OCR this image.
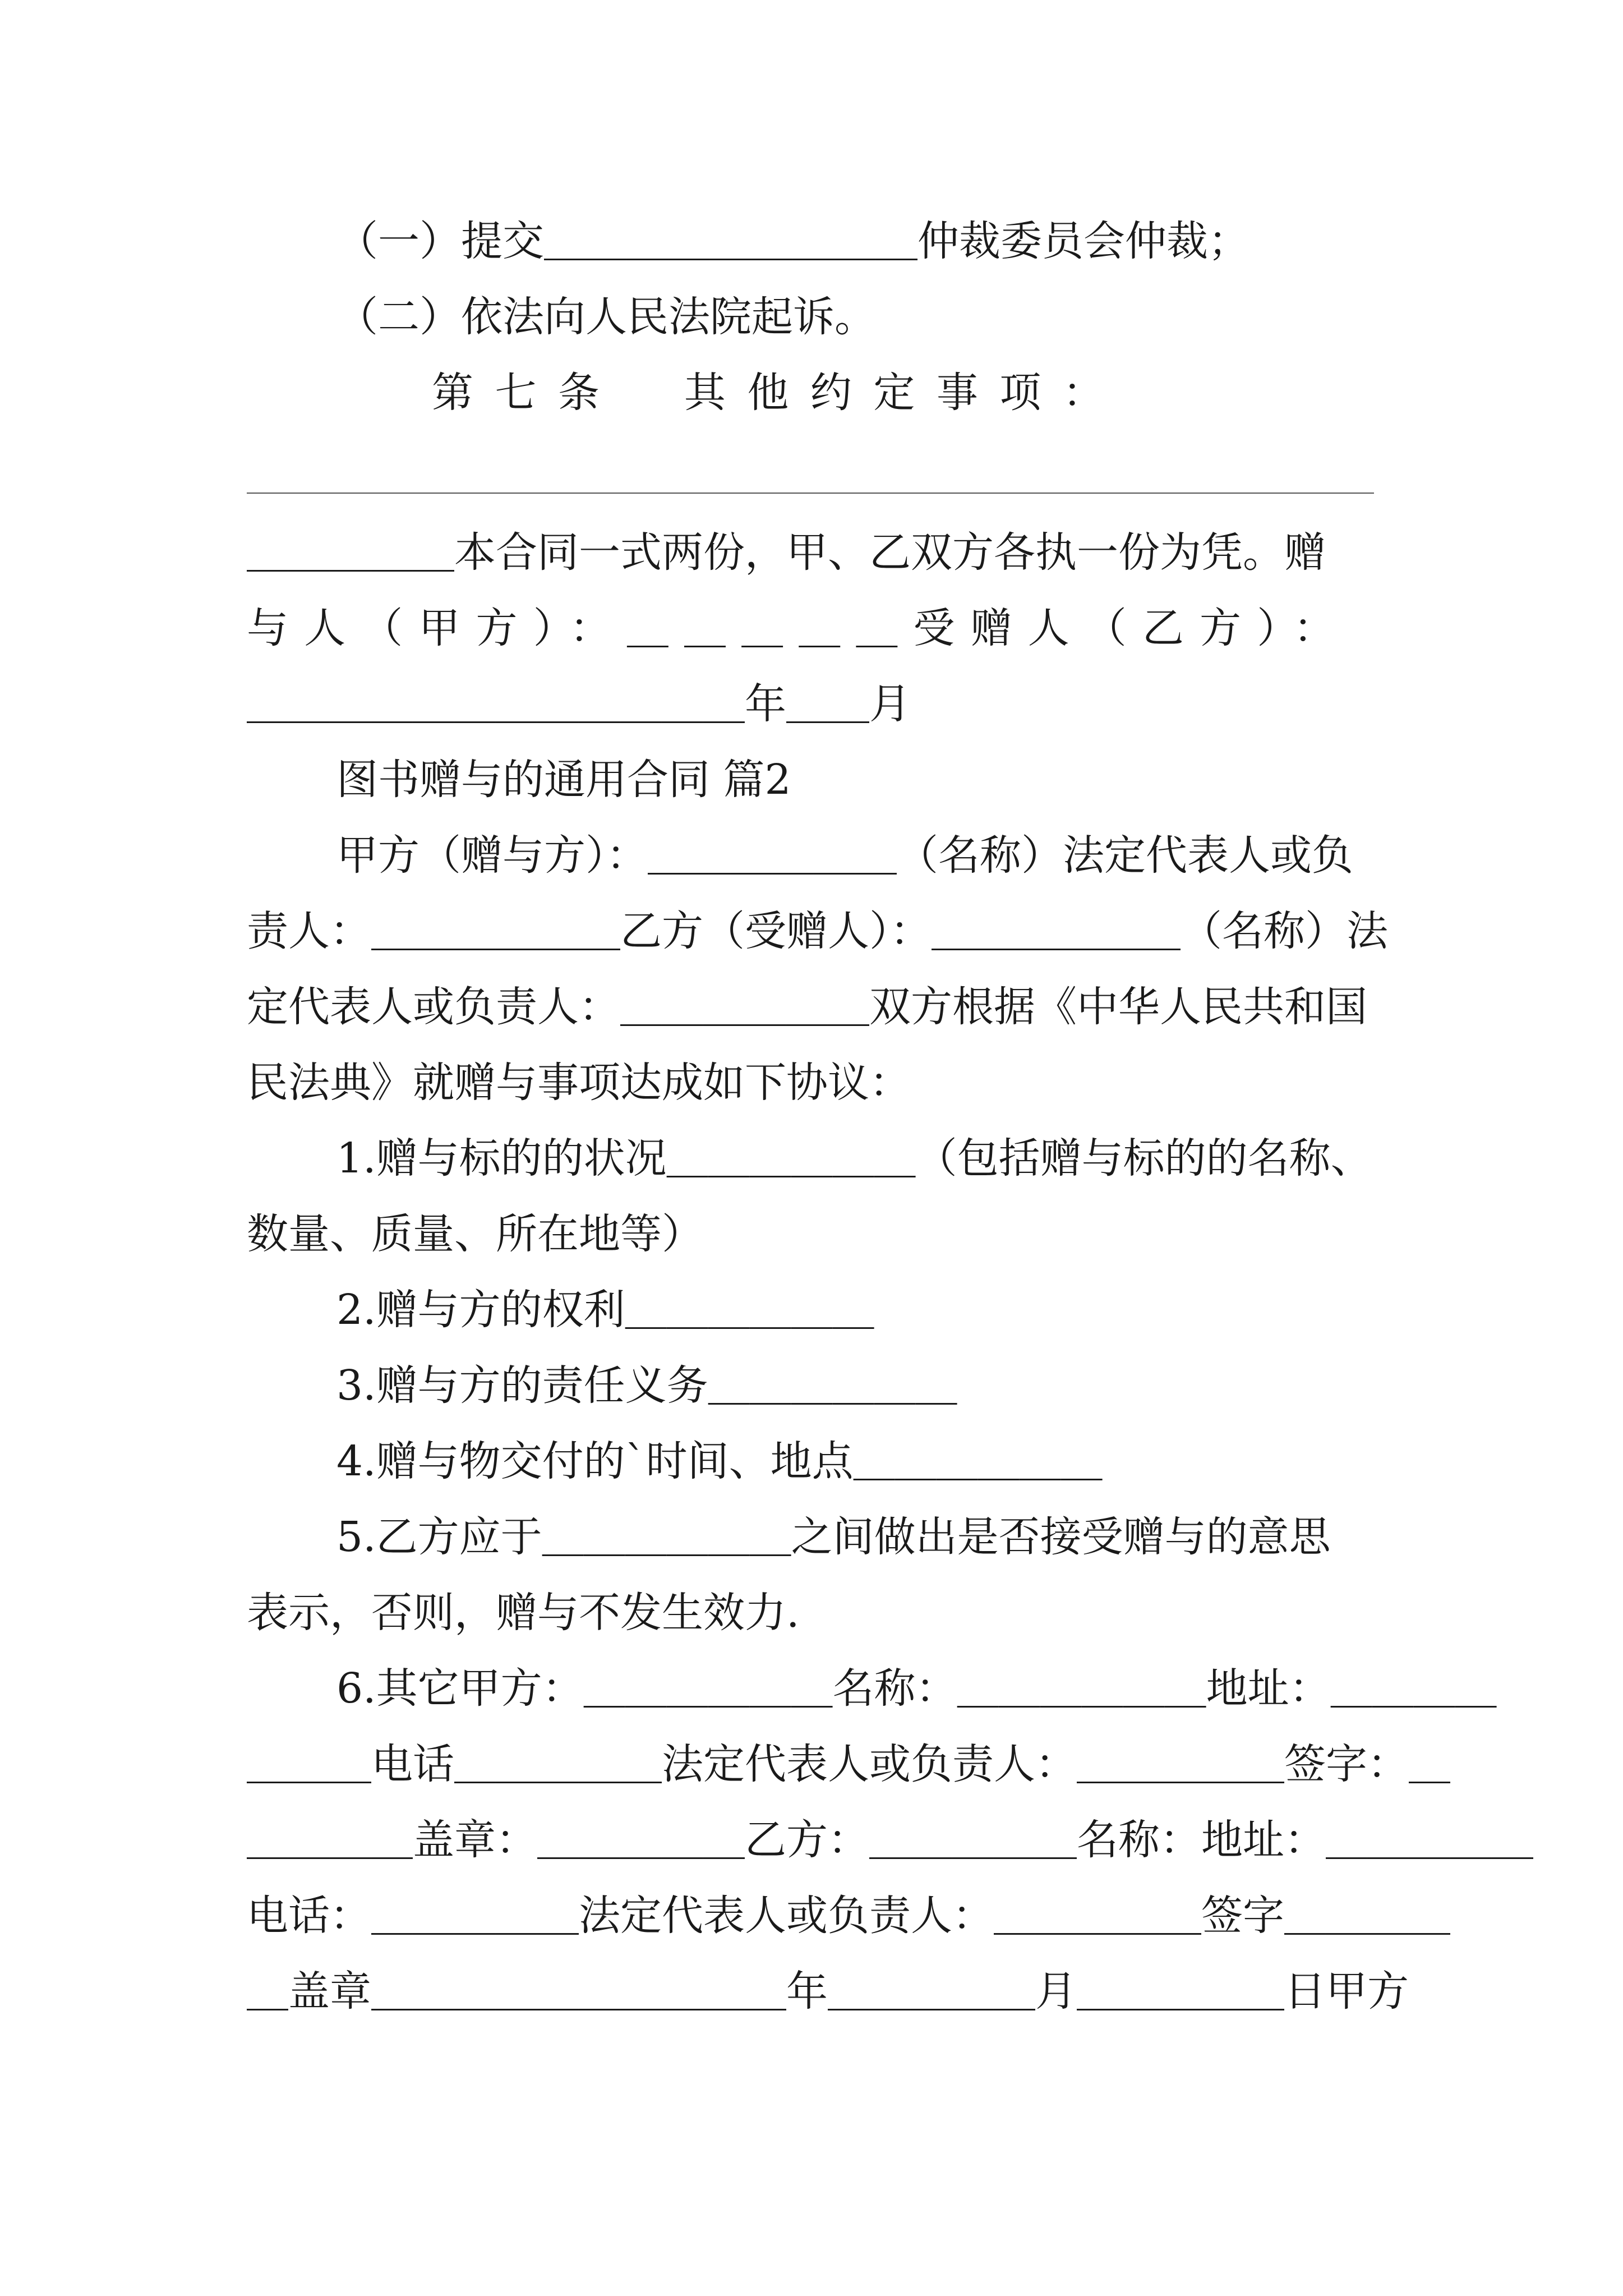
（一）提交＿＿＿＿＿＿＿＿＿仲裁委员会仲裁；
（二）依法向人民法院起诉。
第七条　其他约定事项：
＿＿＿＿＿本合同一式两份，甲、乙双方各执一份为凭。赠
与人（甲方）：＿＿＿＿＿受赠人（乙方）：
＿＿＿＿＿＿＿＿＿＿＿＿年＿＿月
图书赠与的通用合同 篇2
甲方（赠与方）：＿＿＿＿＿＿（名称）法定代表人或负
责人：＿＿＿＿＿＿乙方（受赠人）：＿＿＿＿＿＿（名称）法
定代表人或负责人：＿＿＿＿＿＿双方根据《中华人民共和国
民法典》就赠与事项达成如下协议：
1.赠与标的的状况＿＿＿＿＿＿（包括赠与标的的名称、
数量、质量、所在地等）
2.赠与方的权利＿＿＿＿＿＿
3.赠与方的责任义务＿＿＿＿＿＿
4.赠与物交付的`时间、地点＿＿＿＿＿＿
5.乙方应于＿＿＿＿＿＿之间做出是否接受赠与的意思
表示，否则，赠与不发生效力.
6.其它甲方：＿＿＿＿＿＿名称：＿＿＿＿＿＿地址：＿＿＿＿
＿＿＿电话＿＿＿＿＿法定代表人或负责人：＿＿＿＿＿签字：＿
＿＿＿＿盖章：＿＿＿＿＿乙方：＿＿＿＿＿名称：地址：＿＿＿＿＿
电话：＿＿＿＿＿法定代表人或负责人：＿＿＿＿＿签字＿＿＿＿
＿盖章＿＿＿＿＿＿＿＿＿＿年＿＿＿＿＿月＿＿＿＿＿日甲方
